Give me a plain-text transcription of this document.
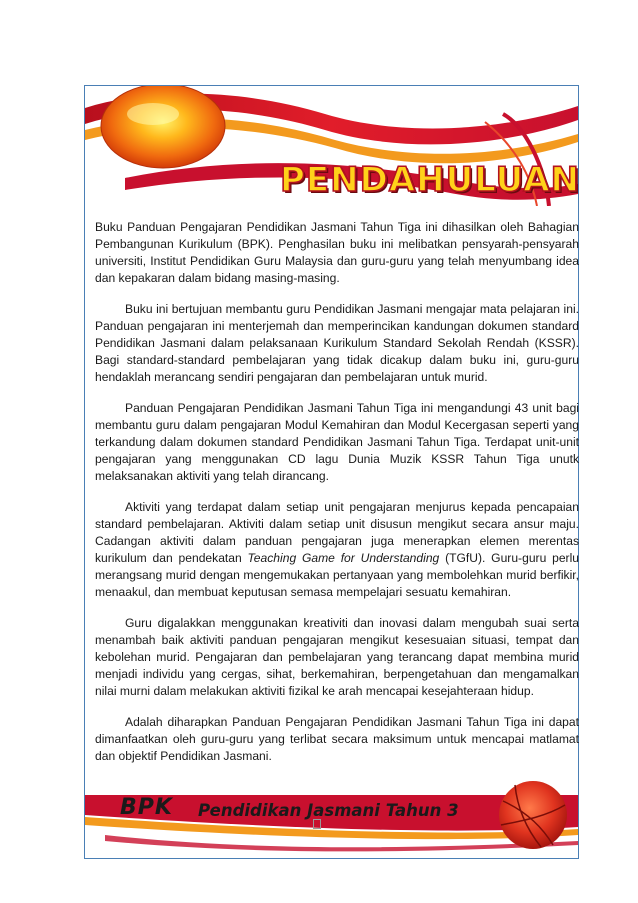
PENDAHULUAN

Buku Panduan Pengajaran Pendidikan Jasmani Tahun Tiga ini dihasilkan oleh Bahagian Pembangunan Kurikulum (BPK). Penghasilan buku ini melibatkan pensyarah-pensyarah universiti, Institut Pendidikan Guru Malaysia dan guru-guru yang telah menyumbang idea dan kepakaran dalam bidang masing-masing.

Buku ini bertujuan membantu guru Pendidikan Jasmani mengajar mata pelajaran ini. Panduan pengajaran ini menterjemah dan memperincikan kandungan dokumen standard Pendidikan Jasmani dalam pelaksanaan Kurikulum Standard Sekolah Rendah (KSSR). Bagi standard-standard pembelajaran yang tidak dicakup dalam buku ini, guru-guru hendaklah merancang sendiri pengajaran dan pembelajaran untuk murid.

Panduan Pengajaran Pendidikan Jasmani Tahun Tiga ini mengandungi 43 unit bagi membantu guru dalam pengajaran Modul Kemahiran dan Modul Kecergasan seperti yang terkandung dalam dokumen standard Pendidikan Jasmani Tahun Tiga. Terdapat unit-unit pengajaran yang menggunakan CD lagu Dunia Muzik KSSR Tahun Tiga unutk melaksanakan aktiviti yang telah dirancang.

Aktiviti yang terdapat dalam setiap unit pengajaran menjurus kepada pencapaian standard pembelajaran. Aktiviti dalam setiap unit disusun mengikut secara ansur maju. Cadangan aktiviti dalam panduan pengajaran juga menerapkan elemen merentas kurikulum dan pendekatan Teaching Game for Understanding (TGfU). Guru-guru perlu merangsang murid dengan mengemukakan pertanyaan yang membolehkan murid berfikir, menaakul, dan membuat keputusan semasa mempelajari sesuatu kemahiran.

Guru digalakkan menggunakan kreativiti dan inovasi dalam mengubah suai serta menambah baik aktiviti panduan pengajaran mengikut kesesuaian situasi, tempat dan kebolehan murid. Pengajaran dan pembelajaran yang terancang dapat membina murid menjadi individu yang cergas, sihat, berkemahiran, berpengetahuan dan mengamalkan nilai murni dalam melakukan aktiviti fizikal ke arah mencapai kesejahteraan hidup.

Adalah diharapkan Panduan Pengajaran Pendidikan Jasmani Tahun Tiga ini dapat dimanfaatkan oleh guru-guru yang terlibat secara maksimum untuk mencapai matlamat dan objektif Pendidikan Jasmani.

BPK Pendidikan Jasmani Tahun 3
